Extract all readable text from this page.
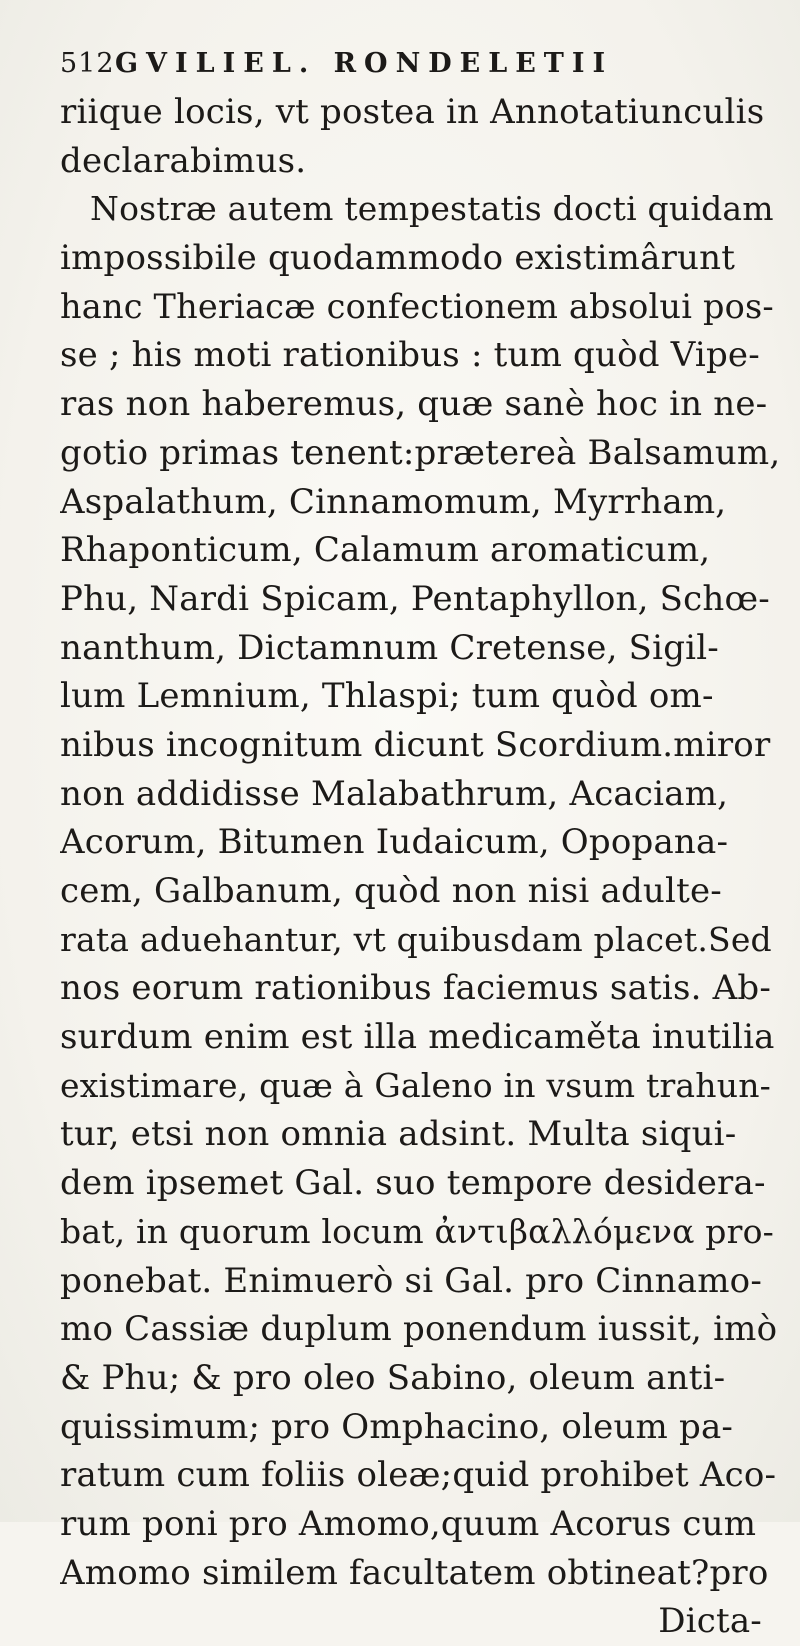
512 GVILIEL. RONDELETII
riique locis, vt postea in Annotatiunculis
declarabimus.
Nostræ autem tempestatis docti quidam
impossibile quodammodo existimârunt
hanc Theriacæ confectionem absolui pos-
se ; his moti rationibus : tum quòd Vipe-
ras non haberemus, quæ sanè hoc in ne-
gotio primas tenent:prætereà Balsamum,
Aspalathum, Cinnamomum, Myrrham,
Rhaponticum, Calamum aromaticum,
Phu, Nardi Spicam, Pentaphyllon, Schœ-
nanthum, Dictamnum Cretense, Sigil-
lum Lemnium, Thlaspi; tum quòd om-
nibus incognitum dicunt Scordium.miror
non addidisse Malabathrum, Acaciam,
Acorum, Bitumen Iudaicum, Opopana-
cem, Galbanum, quòd non nisi adulte-
rata aduehantur, vt quibusdam placet.Sed
nos eorum rationibus faciemus satis. Ab-
surdum enim est illa medicaměta inutilia
existimare, quæ à Galeno in vsum trahun-
tur, etsi non omnia adsint. Multa siqui-
dem ipsemet Gal. suo tempore desidera-
bat, in quorum locum ἀντιβαλλόμενα pro-
ponebat. Enimuerò si Gal. pro Cinnamo-
mo Cassiæ duplum ponendum iussit, imò
& Phu; & pro oleo Sabino, oleum anti-
quissimum; pro Omphacino, oleum pa-
ratum cum foliis oleæ;quid prohibet Aco-
rum poni pro Amomo,quum Acorus cum
Amomo similem facultatem obtineat?pro
Dicta-
